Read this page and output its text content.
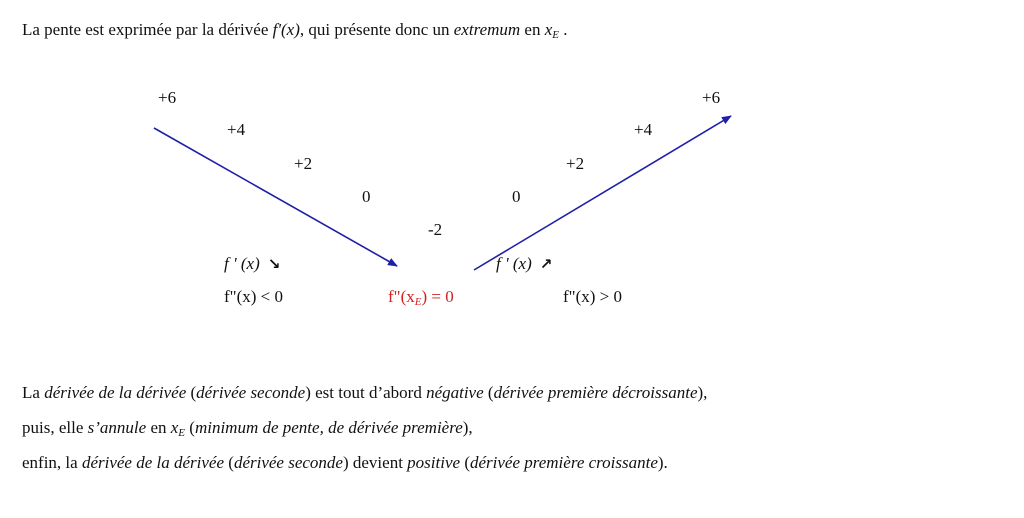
La pente est exprimée par la dérivée f'(x), qui présente donc un extremum en $x_E$ .
+6
+4
+2
0
-2
0
+2
+4
+6
f ' (x) ↘
f"(x) < 0	$f"(x_E) = 0$
f ' (x) ↗
f"(x) > 0
La dérivée de la dérivée (dérivée seconde) est tout d’abord négative (dérivée première décroissante),
puis, elle s’annule en $x_E$ (minimum de pente, de dérivée première),
enfin, la dérivée de la dérivée (dérivée seconde) devient positive (dérivée première croissante).
